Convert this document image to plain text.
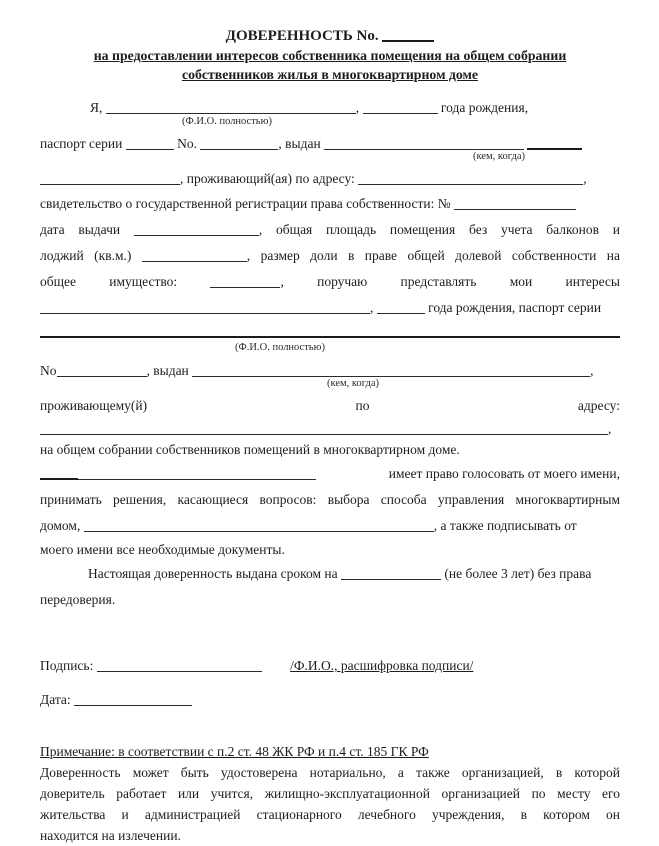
ДОВЕРЕННОСТЬ No.
на предоставлении интересов собственника помещения на общем собрании
собственников жилья в многоквартирном доме
Я,	,	года рождения,
(Ф.И.О. полностью)
паспорт серии	No.	, выдан
(кем, когда)
, проживающий(ая) по адресу:	,
свидетельство о государственной регистрации права собственности: №
дата выдачи	, общая площадь помещения без учета балконов и
лоджий (кв.м.)	, размер доли в праве общей долевой собственности на
общее имущество:	, поручаю представлять мои интересы
,	года рождения, паспорт серии
(Ф.И.О. полностью)
No	, выдан	,
(кем, когда)
проживающему(й)	по	адресу:
,
на общем собрании собственников помещений в многоквартирном доме.
имеет право голосовать от моего имени,
принимать решения, касающиеся вопросов: выбора способа управления многоквартирным
домом,	, а также подписывать от
моего имени все необходимые документы.
Настоящая доверенность выдана сроком на	(не более 3 лет) без права
передоверия.
Подпись:	/Ф.И.О., расшифровка подписи/
Дата:
Примечание: в соответствии с п.2 ст. 48 ЖК РФ и п.4 ст. 185 ГК РФ
Доверенность может быть удостоверена нотариально, а также организацией, в которой
доверитель работает или учится, жилищно-эксплуатационной организацией по месту его
жительства и администрацией стационарного лечебного учреждения, в котором он
находится на излечении.
